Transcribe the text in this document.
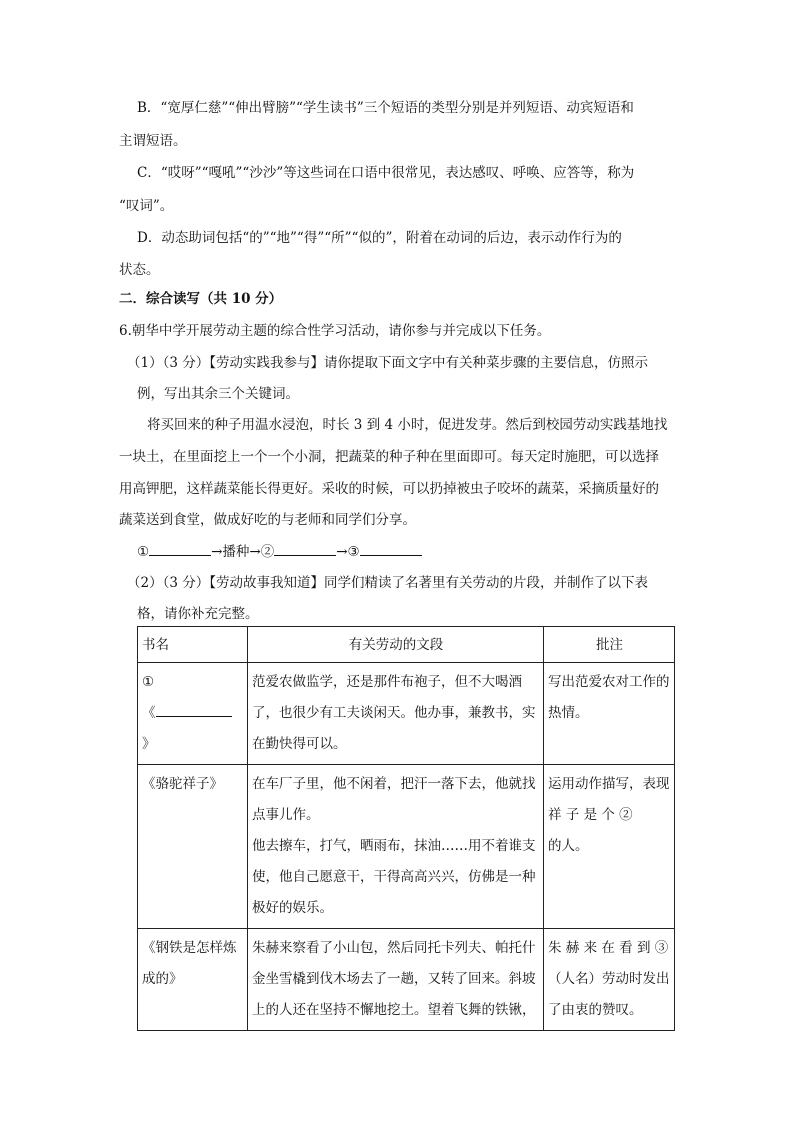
B．“宽厚仁慈”“伸出臂膀”“学生读书”三个短语的类型分别是并列短语、动宾短语和
主谓短语。
C．“哎呀”“嘎吼”“沙沙”等这些词在口语中很常见，表达感叹、呼唤、应答等，称为
“叹词”。
D．动态助词包括“的”“地”“得”“所”“似的”，附着在动词的后边，表示动作行为的
状态。
二．综合读写（共 10 分）
6.朝华中学开展劳动主题的综合性学习活动，请你参与并完成以下任务。
（1）（3 分）【劳动实践我参与】请你提取下面文字中有关种菜步骤的主要信息，仿照示
例，写出其余三个关键词。
将买回来的种子用温水浸泡，时长 3 到 4 小时，促进发芽。然后到校园劳动实践基地找
一块土，在里面挖上一个一个小洞，把蔬菜的种子种在里面即可。每天定时施肥，可以选择
用高钾肥，这样蔬菜能长得更好。采收的时候，可以扔掉被虫子咬坏的蔬菜，采摘质量好的
蔬菜送到食堂，做成好吃的与老师和同学们分享。
①	→播种→②	→③
（2）（3 分）【劳动故事我知道】同学们精读了名著里有关劳动的片段，并制作了以下表
格，请你补充完整。
书名	有关劳动的文段	批注

①
《》	范爱农做监学，还是那件布袍子，但不大喝酒了，也很少有工夫谈闲天。他办事，兼教书，实在勤快得可以。	写出范爱农对工作的热情。
《骆驼祥子》	在车厂子里，他不闲着，把汗一落下去，他就找点事儿作。
他去擦车，打气，晒雨布，抹油……用不着谁支使，他自己愿意干，干得高高兴兴，仿佛是一种极好的娱乐。	运用动作描写，表现祥 子 是 个 ②
的人。
《钢铁是怎样炼成的》	朱赫来察看了小山包，然后同托卡列夫、帕托什金坐雪橇到伐木场去了一趟，又转了回来。斜坡上的人还在坚持不懈地挖土。望着飞舞的铁锹，	朱 赫 来 在 看 到 ③（人名）劳动时发出了由衷的赞叹。
